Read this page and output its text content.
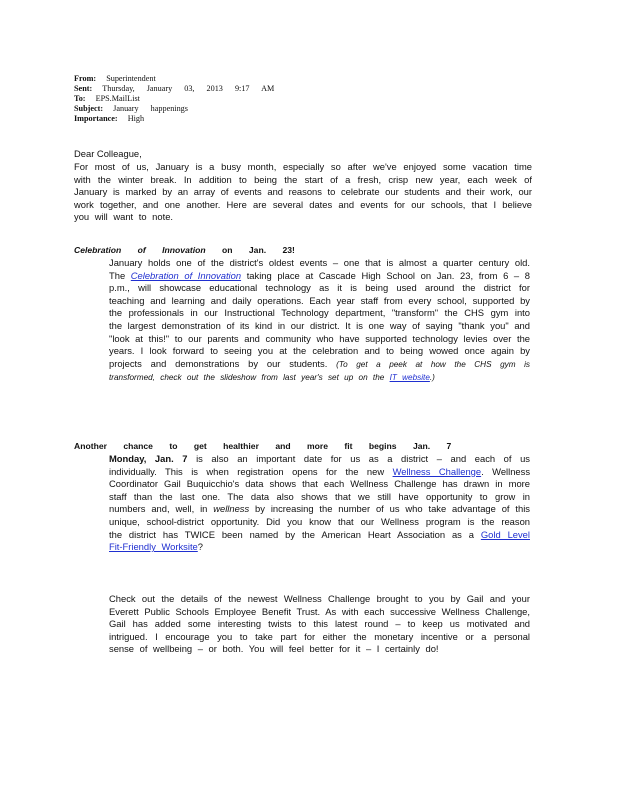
From: Superintendent
Sent: Thursday, January 03, 2013 9:17 AM
To: EPS.MailList
Subject: January happenings
Importance: High
Dear Colleague,
For most of us, January is a busy month, especially so after we've enjoyed some vacation time with the winter break. In addition to being the start of a fresh, crisp new year, each week of January is marked by an array of events and reasons to celebrate our students and their work, our work together, and one another. Here are several dates and events for our schools, that I believe you will want to note.
Celebration of Innovation on Jan. 23!
January holds one of the district's oldest events – one that is almost a quarter century old. The Celebration of Innovation taking place at Cascade High School on Jan. 23, from 6 – 8 p.m., will showcase educational technology as it is being used around the district for teaching and learning and daily operations. Each year staff from every school, supported by the professionals in our Instructional Technology department, "transform" the CHS gym into the largest demonstration of its kind in our district. It is one way of saying "thank you" and "look at this!" to our parents and community who have supported technology levies over the years. I look forward to seeing you at the celebration and to being wowed once again by projects and demonstrations by our students. (To get a peek at how the CHS gym is transformed, check out the slideshow from last year's set up on the IT website.)
Another chance to get healthier and more fit begins Jan. 7
Monday, Jan. 7 is also an important date for us as a district – and each of us individually. This is when registration opens for the new Wellness Challenge. Wellness Coordinator Gail Buquicchio's data shows that each Wellness Challenge has drawn in more staff than the last one. The data also shows that we still have opportunity to grow in numbers and, well, in wellness by increasing the number of us who take advantage of this unique, school-district opportunity. Did you know that our Wellness program is the reason the district has TWICE been named by the American Heart Association as a Gold Level Fit-Friendly Worksite?
Check out the details of the newest Wellness Challenge brought to you by Gail and your Everett Public Schools Employee Benefit Trust. As with each successive Wellness Challenge, Gail has added some interesting twists to this latest round – to keep us motivated and intrigued. I encourage you to take part for either the monetary incentive or a personal sense of wellbeing – or both. You will feel better for it – I certainly do!
